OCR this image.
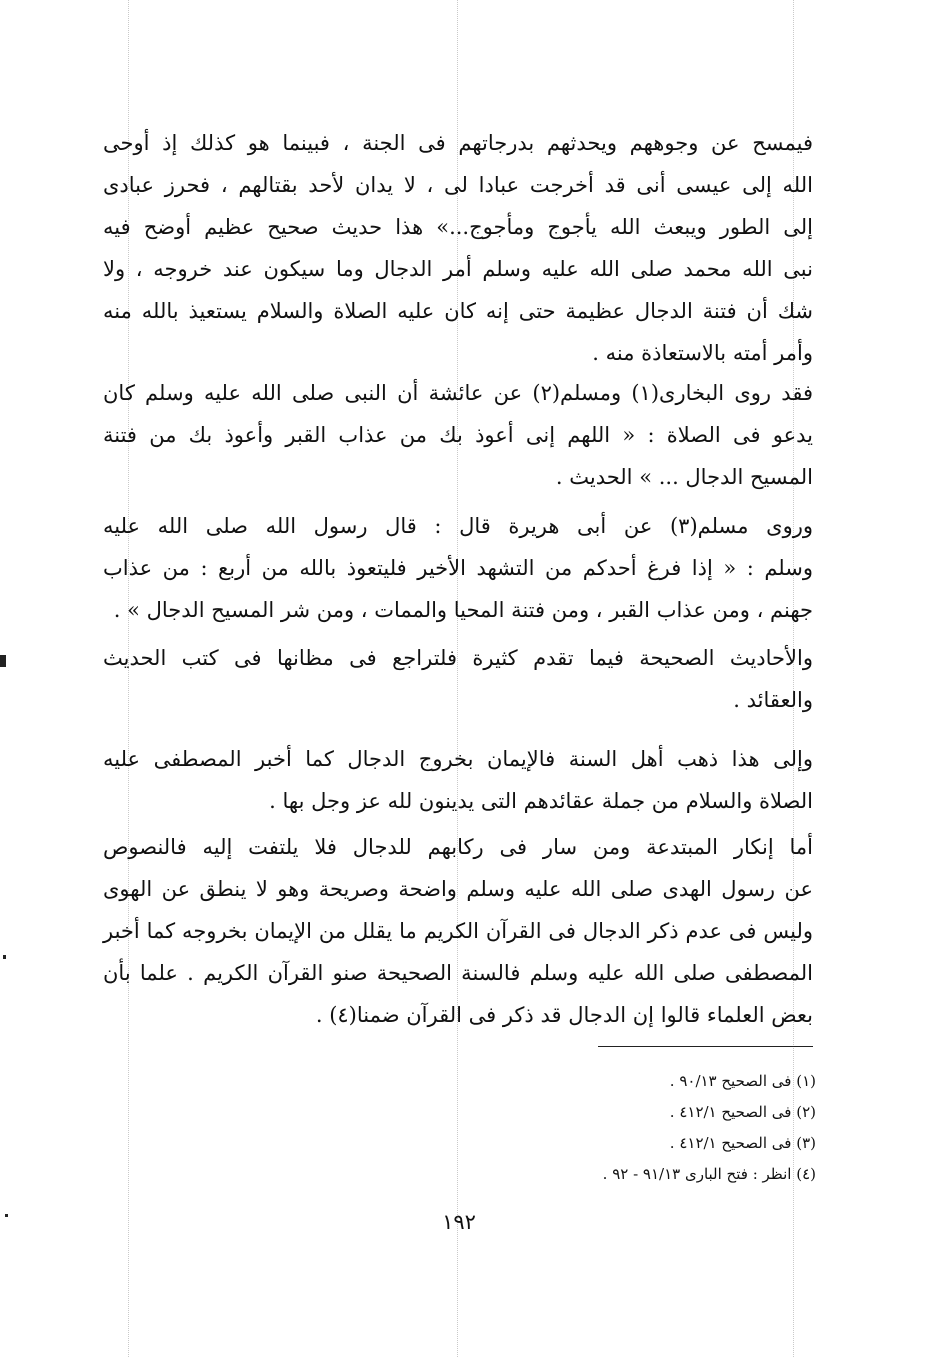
فيمسح عن وجوههم ويحدثهم بدرجاتهم فى الجنة ، فبينما هو كذلك إذ أوحى
الله إلى عيسى أنى قد أخرجت عبادا لى ، لا يدان لأحد بقتالهم ، فحرز عبادى
إلى الطور ويبعث الله يأجوج ومأجوج...» هذا حديث صحيح عظيم أوضح فيه
نبى الله محمد صلى الله عليه وسلم أمر الدجال وما سيكون عند خروجه ، ولا
شك أن فتنة الدجال عظيمة حتى إنه كان عليه الصلاة والسلام يستعيذ بالله منه
وأمر أمته بالاستعاذة منه .
فقد روى البخارى(١) ومسلم(٢) عن عائشة أن النبى صلى الله عليه وسلم كان
يدعو فى الصلاة : « اللهم إنى أعوذ بك من عذاب القبر وأعوذ بك من فتنة
المسيح الدجال ... » الحديث .
وروى مسلم(٣) عن أبى هريرة قال : قال رسول الله صلى الله عليه
وسلم : « إذا فرغ أحدكم من التشهد الأخير فليتعوذ بالله من أربع : من عذاب
جهنم ، ومن عذاب القبر ، ومن فتنة المحيا والممات ، ومن شر المسيح الدجال » .
والأحاديث الصحيحة فيما تقدم كثيرة فلتراجع فى مظانها فى كتب الحديث
والعقائد .
وإلى هذا ذهب أهل السنة فالإيمان بخروج الدجال كما أخبر المصطفى عليه
الصلاة والسلام من جملة عقائدهم التى يدينون لله عز وجل بها .
أما إنكار المبتدعة ومن سار فى ركابهم للدجال فلا يلتفت إليه فالنصوص
عن رسول الهدى صلى الله عليه وسلم واضحة وصريحة وهو لا ينطق عن الهوى
وليس فى عدم ذكر الدجال فى القرآن الكريم ما يقلل من الإيمان بخروجه كما أخبر
المصطفى صلى الله عليه وسلم فالسنة الصحيحة صنو القرآن الكريم . علما بأن
بعض العلماء قالوا إن الدجال قد ذكر فى القرآن ضمنا(٤) .
(١) فى الصحيح ٩٠/١٣ .
(٢) فى الصحيح ٤١٢/١ .
(٣) فى الصحيح ٤١٢/١ .
(٤) انظر : فتح البارى ٩١/١٣ - ٩٢ .
١٩٢
